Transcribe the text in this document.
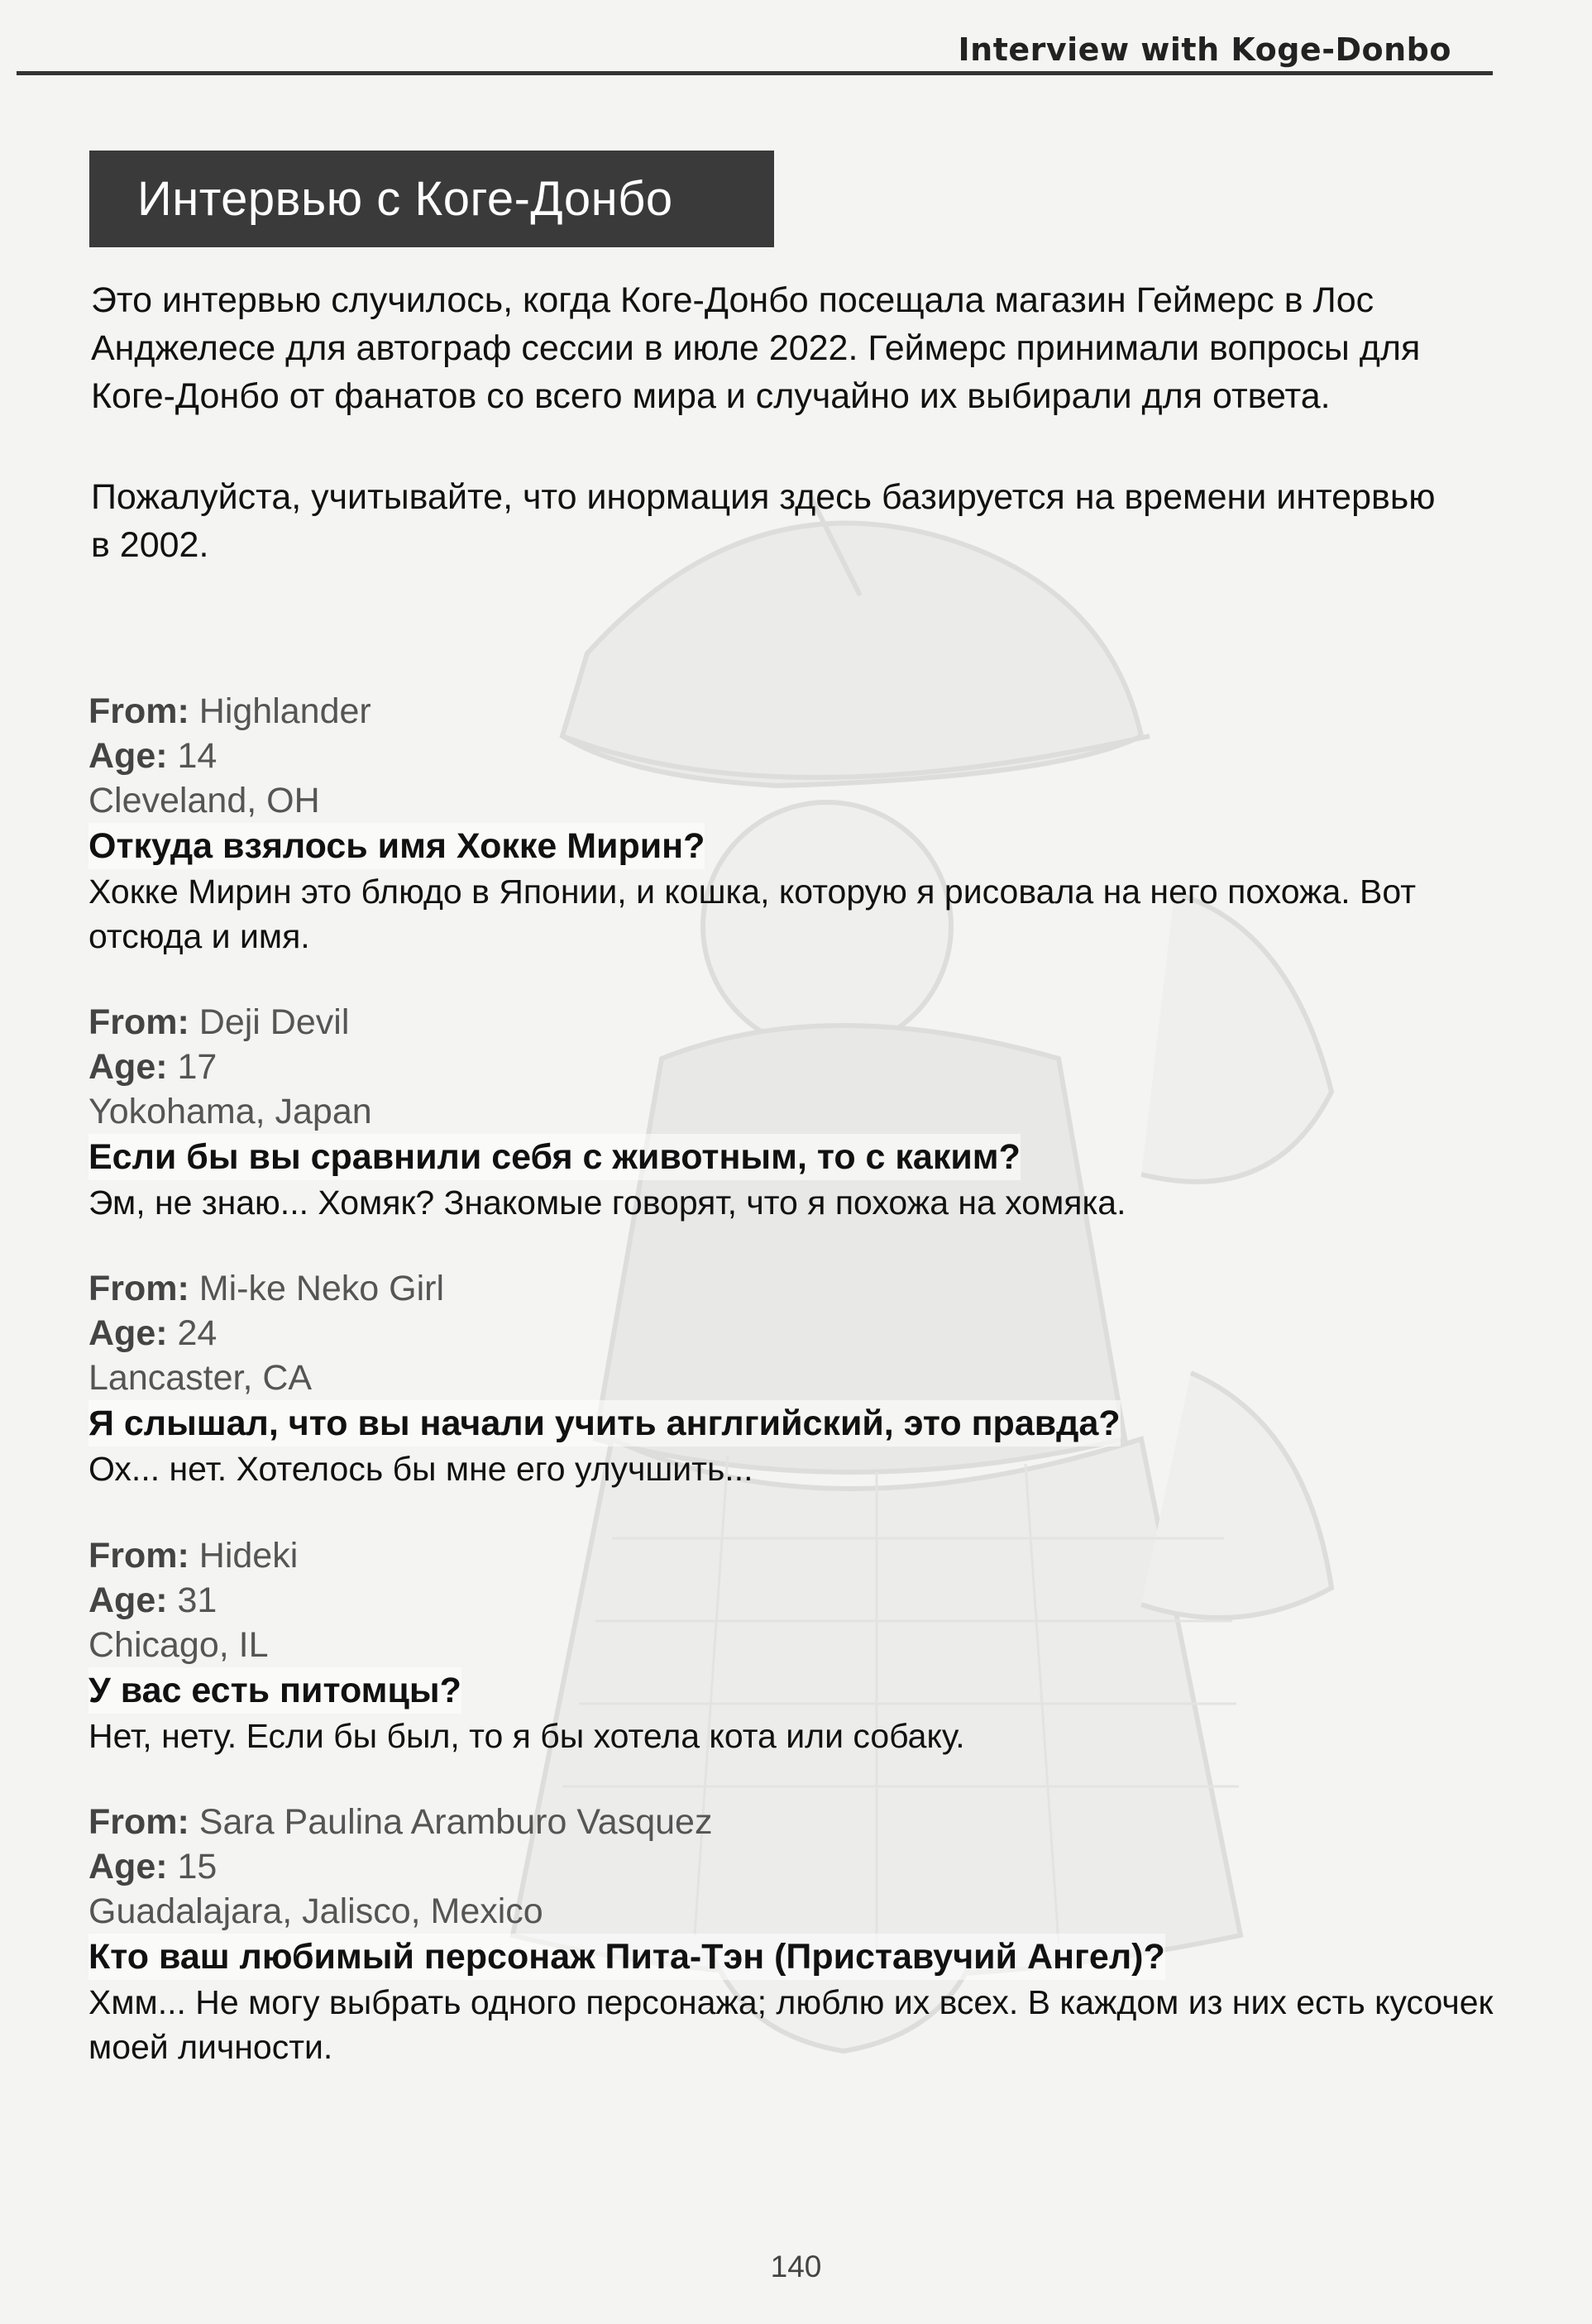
Interview with Koge-Donbo
Интервью с Коге-Донбо

Это интервью случилось, когда Коге-Донбо посещала магазин Геймерс в Лос Анджелесе для автограф сессии в июле 2022. Геймерс принимали вопросы для Коге-Донбо от фанатов со всего мира и случайно их выбирали для ответа.

Пожалуйста, учитывайте, что инормация здесь базируется на времени интервью в 2002.

From: Highlander
Age: 14
Cleveland, OH
Откуда взялось имя Хокке Мирин?
Хокке Мирин это блюдо в Японии, и кошка, которую я рисовала на него похожа. Вот отсюда и имя.
From: Deji Devil
Age: 17
Yokohama, Japan
Если бы вы сравнили себя с животным, то с каким?
Эм, не знаю... Хомяк? Знакомые говорят, что я похожа на хомяка.
From: Mi-ke Neko Girl
Age: 24
Lancaster, CA
Я слышал, что вы начали учить англгийский, это правда?
Ох... нет. Хотелось бы мне его улучшить...
From: Hideki
Age: 31
Chicago, IL
У вас есть питомцы?
Нет, нету. Если бы был, то я бы хотела кота или собаку.
From: Sara Paulina Aramburo Vasquez
Age: 15
Guadalajara, Jalisco, Mexico
Кто ваш любимый персонаж Пита-Тэн (Приставучий Ангел)?
Хмм... Не могу выбрать одного персонажа; люблю их всех. В каждом из них есть кусочек моей личности.
140
